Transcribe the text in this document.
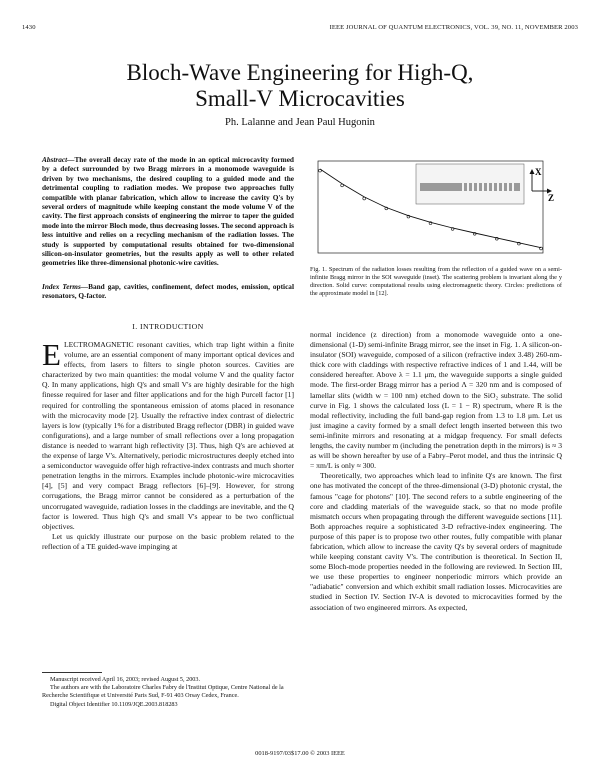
1430	IEEE JOURNAL OF QUANTUM ELECTRONICS, VOL. 39, NO. 11, NOVEMBER 2003
Bloch-Wave Engineering for High-Q,
Small-V Microcavities
Ph. Lalanne and Jean Paul Hugonin
Abstract—The overall decay rate of the mode in an optical microcavity formed by a defect surrounded by two Bragg mirrors in a monomode waveguide is driven by two mechanisms, the desired coupling to a guided mode and the detrimental coupling to radiation modes. We propose two approaches fully compatible with planar fabrication, which allow to increase the cavity Q's by several orders of magnitude while keeping constant the mode volume V of the cavity. The first approach consists of engineering the mirror to taper the guided mode into the mirror Bloch mode, thus decreasing losses. The second approach is less intuitive and relies on a recycling mechanism of the radiation losses. The study is supported by computational results obtained for two-dimensional silicon-on-insulator geometries, but the results apply as well to other related geometries like three-dimensional photonic-wire cavities.
Index Terms—Band gap, cavities, confinement, defect modes, emission, optical resonators, Q-factor.
I. INTRODUCTION

ELECTROMAGNETIC resonant cavities, which trap light within a finite volume, are an essential component of many important optical devices and effects, from lasers to filters to single photon sources. Cavities are characterized by two main quantities: the modal volume V and the quality factor Q. In many applications, high Q's and small V's are highly desirable for the high finesse required for laser and filter applications and for the high Purcell factor [1] required for controlling the spontaneous emission of atoms placed in resonance with the microcavity mode [2]. Usually the refractive index contrast of dielectric layers is low (typically 1% for a distributed Bragg reflector (DBR) in guided wave configurations), and a large number of small reflections over a long propagation distance is needed to warrant high reflectivity [3]. Thus, high Q's are achieved at the expense of large V's. Alternatively, periodic microstructures deeply etched into a semiconductor waveguide offer high refractive-index contrasts and much shorter penetration lengths in the mirrors. Examples include photonic-wire microcavities [4], [5] and very compact Bragg reflectors [6]–[9]. However, for strong corrugations, the Bragg mirror cannot be considered as a perturbation of the uncorrugated waveguide, radiation losses in the claddings are inevitable, and the Q factor is lowered. Thus high Q's and small V's appear to be two conflictual objectives.

Let us quickly illustrate our purpose on the basic problem related to the reflection of a TE guided-wave impinging at

Manuscript received April 16, 2003; revised August 5, 2003.

The authors are with the Laboratoire Charles Fabry de l'Institut Optique, Centre National de la Recherche Scientifique et Université Paris Sud, F-91 403 Orsay Cedex, France.

Digital Object Identifier 10.1109/JQE.2003.818283

X
Z
Fig. 1. Spectrum of the radiation losses resulting from the reflection of a guided wave on a semi-infinite Bragg mirror in the SOI waveguide (inset). The scattering problem is invariant along the y direction. Solid curve: computational results using electromagnetic theory. Circles: predictions of the approximate model in [12].

normal incidence (z direction) from a monomode waveguide onto a one-dimensional (1-D) semi-infinite Bragg mirror, see the inset in Fig. 1. A silicon-on-insulator (SOI) waveguide, composed of a silicon (refractive index 3.48) 260-nm-thick core with claddings with respective refractive indices of 1 and 1.44, will be considered hereafter. Above λ = 1.1 μm, the waveguide supports a single guided mode. The first-order Bragg mirror has a period Λ = 320 nm and is composed of lamellar slits (width w = 100 nm) etched down to the SiO₂ substrate. The solid curve in Fig. 1 shows the calculated loss (L = 1 − R) spectrum, where R is the modal reflectivity, including the full band-gap region from 1.3 to 1.8 μm. Let us just imagine a cavity formed by a small defect length inserted between this two semi-infinite mirrors and resonating at a midgap frequency. For small defects lengths, the cavity number m (including the penetration depth in the mirrors) is ≈ 3 as will be shown hereafter by use of a Fabry–Perot model, and thus the intrinsic Q = πm/L is only ≈ 300.

Theoretically, two approaches which lead to infinite Q's are known. The first one has motivated the concept of the three-dimensional (3-D) photonic crystal, the famous "cage for photons" [10]. The second refers to a subtle engineering of the core and cladding materials of the waveguide stack, so that no mode profile mismatch occurs when propagating through the different waveguide sections [11]. Both approaches require a sophisticated 3-D refractive-index engineering. The purpose of this paper is to propose two other routes, fully compatible with planar fabrication, which allow to increase the cavity Q's by several orders of magnitude while keeping constant cavity V's. The contribution is theoretical. In Section II, some Bloch-mode properties needed in the following are reviewed. In Section III, we use these properties to engineer nonperiodic mirrors which provide an "adiabatic" conversion and which exhibit small radiation losses. Microcavities are studied in Section IV. Section IV-A is devoted to microcavities formed by the association of two engineered mirrors. As expected,

0018-9197/03$17.00 © 2003 IEEE
